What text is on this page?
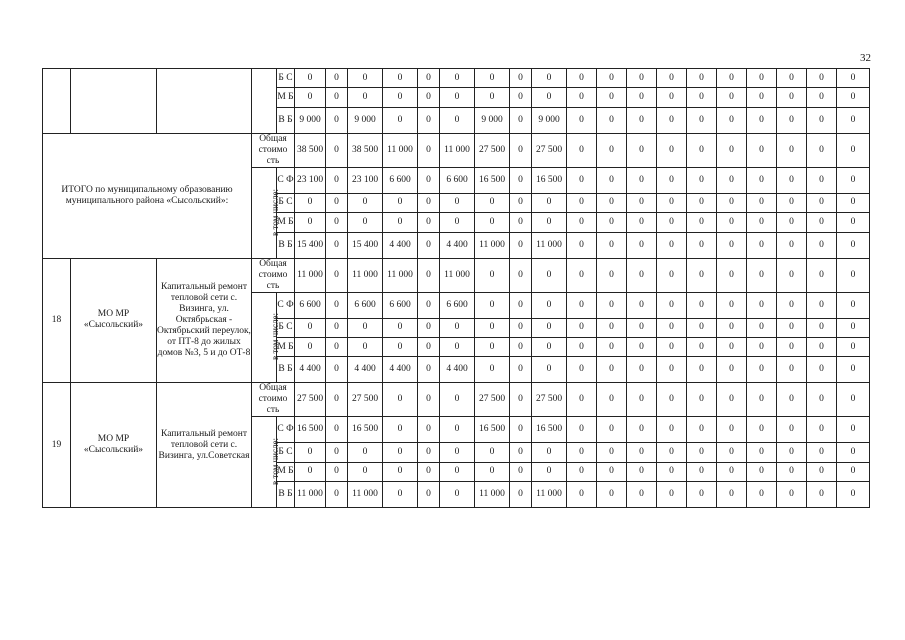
32
				Б С	0	0	0	0	0	0	0	0	0	0	0	0	0	0	0	0	0	0	0
				М Б	0	0	0	0	0	0	0	0	0	0	0	0	0	0	0	0	0	0	0
				В Б	9 000	0	9 000	0	0	0	9 000	0	9 000	0	0	0	0	0	0	0	0	0	0
ИТОГО по муниципальному образованию муниципального района «Сысольский»:			Общая стоимо сть		38 500	0	38 500	11 000	0	11 000	27 500	0	27 500	0	0	0	0	0	0	0	0	0	0
			в том числе:	С Ф	23 100	0	23 100	6 600	0	6 600	16 500	0	16 500	0	0	0	0	0	0	0	0	0	0
				Б С	0	0	0	0	0	0	0	0	0	0	0	0	0	0	0	0	0	0	0
				М Б	0	0	0	0	0	0	0	0	0	0	0	0	0	0	0	0	0	0	0
				В Б	15 400	0	15 400	4 400	0	4 400	11 000	0	11 000	0	0	0	0	0	0	0	0	0	0
18	МО МР «Сысольский»	Капитальный ремонт тепловой сети с. Визинга, ул. Октябрьская - Октябрьский переулок, от ПТ-8 до жилых домов №3, 5 и до ОТ-8	Общая стоимо сть		11 000	0	11 000	11 000	0	11 000	0	0	0	0	0	0	0	0	0	0	0	0	0
			в том числе:	С Ф	6 600	0	6 600	6 600	0	6 600	0	0	0	0	0	0	0	0	0	0	0	0	0
				Б С	0	0	0	0	0	0	0	0	0	0	0	0	0	0	0	0	0	0	0
				М Б	0	0	0	0	0	0	0	0	0	0	0	0	0	0	0	0	0	0	0
				В Б	4 400	0	4 400	4 400	0	4 400	0	0	0	0	0	0	0	0	0	0	0	0	0
19	МО МР «Сысольский»	Капитальный ремонт тепловой сети с. Визинга, ул.Советская	Общая стоимо сть		27 500	0	27 500	0	0	0	27 500	0	27 500	0	0	0	0	0	0	0	0	0	0
			в том числе:	С Ф	16 500	0	16 500	0	0	0	16 500	0	16 500	0	0	0	0	0	0	0	0	0	0
				Б С	0	0	0	0	0	0	0	0	0	0	0	0	0	0	0	0	0	0	0
				М Б	0	0	0	0	0	0	0	0	0	0	0	0	0	0	0	0	0	0	0
				В Б	11 000	0	11 000	0	0	0	11 000	0	11 000	0	0	0	0	0	0	0	0	0	0
